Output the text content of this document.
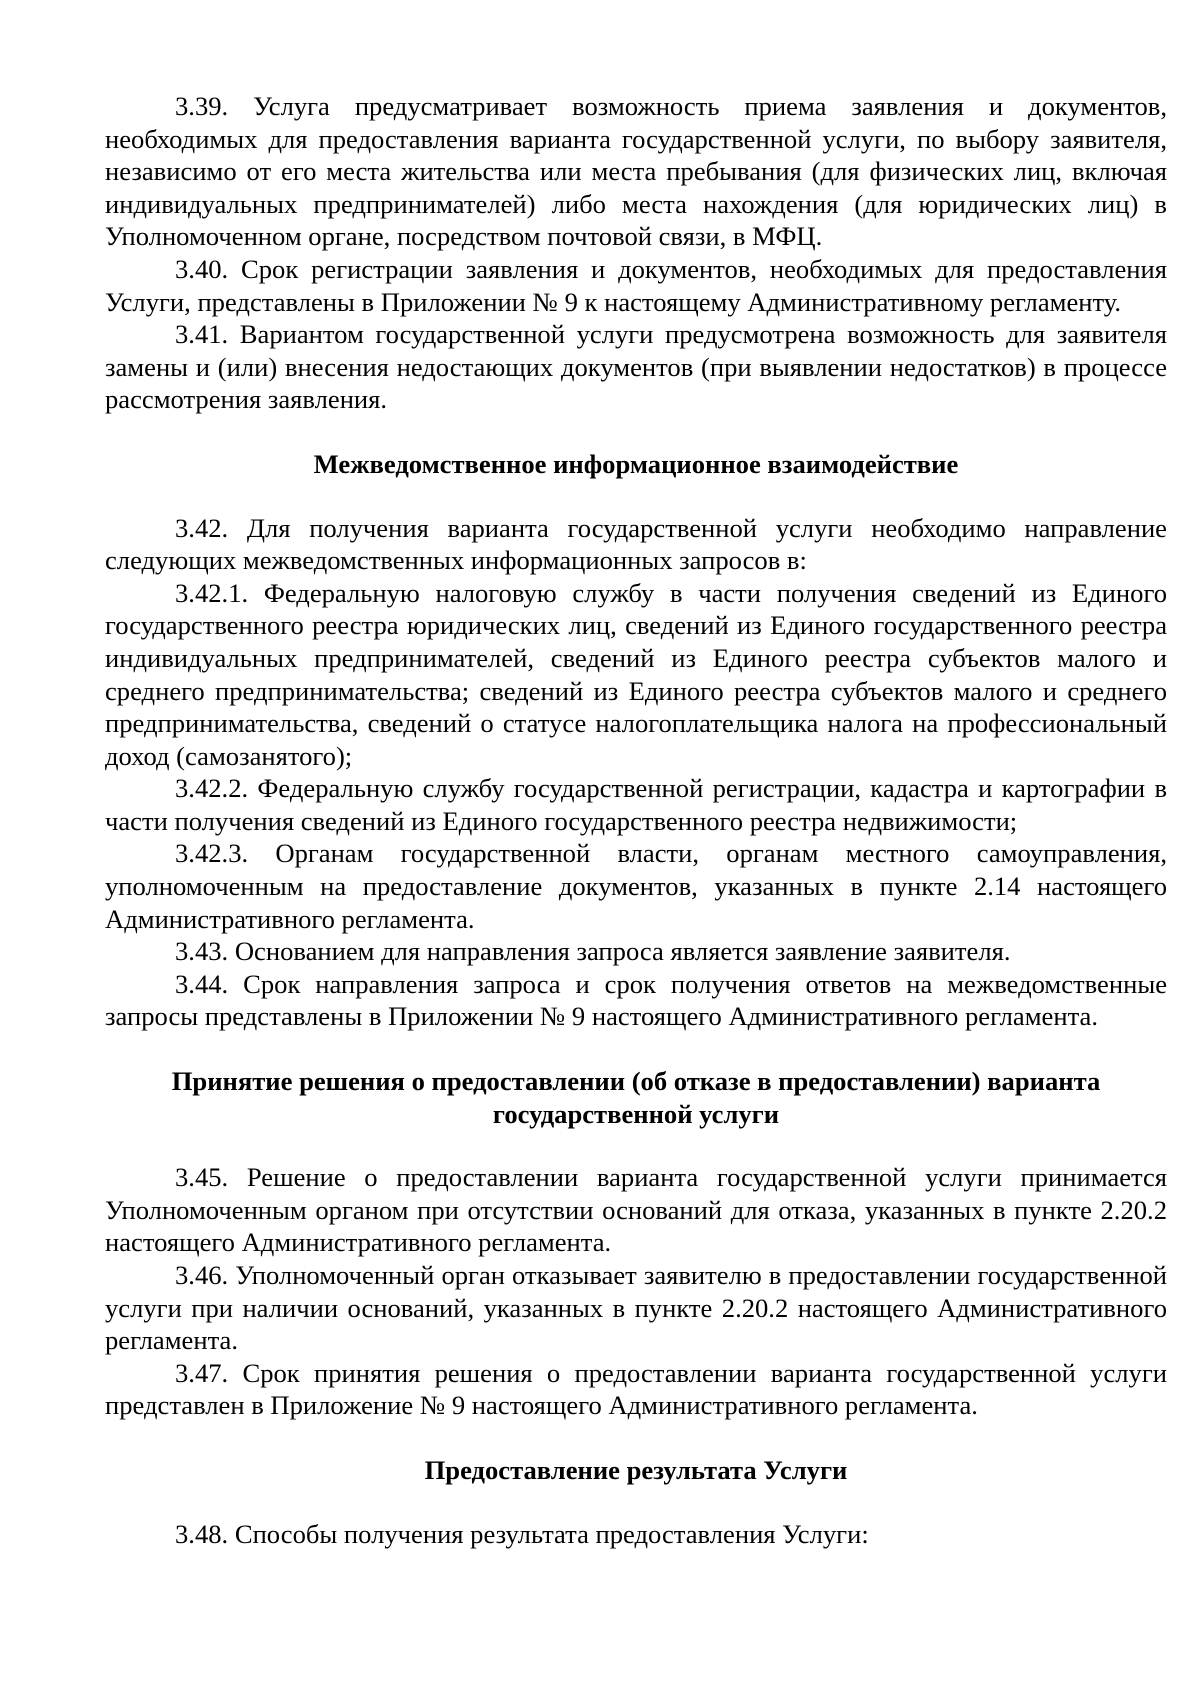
3.39. Услуга предусматривает возможность приема заявления и документов, необходимых для предоставления варианта государственной услуги, по выбору заявителя, независимо от его места жительства или места пребывания (для физических лиц, включая индивидуальных предпринимателей) либо места нахождения (для юридических лиц) в Уполномоченном органе, посредством почтовой связи, в МФЦ.

3.40. Срок регистрации заявления и документов, необходимых для предоставления Услуги, представлены в Приложении № 9 к настоящему Административному регламенту.

3.41. Вариантом государственной услуги предусмотрена возможность для заявителя замены и (или) внесения недостающих документов (при выявлении недостатков) в процессе рассмотрения заявления.

Межведомственное информационное взаимодействие

3.42. Для получения варианта государственной услуги необходимо направление следующих межведомственных информационных запросов в:

3.42.1. Федеральную налоговую службу в части получения сведений из Единого государственного реестра юридических лиц, сведений из Единого государственного реестра индивидуальных предпринимателей, сведений из Единого реестра субъектов малого и среднего предпринимательства; сведений из Единого реестра субъектов малого и среднего предпринимательства, сведений о статусе налогоплательщика налога на профессиональный доход (самозанятого);

3.42.2. Федеральную службу государственной регистрации, кадастра и картографии в части получения сведений из Единого государственного реестра недвижимости;

3.42.3. Органам государственной власти, органам местного самоуправления, уполномоченным на предоставление документов, указанных в пункте 2.14 настоящего Административного регламента.

3.43. Основанием для направления запроса является заявление заявителя.

3.44. Срок направления запроса и срок получения ответов на межведомственные запросы представлены в Приложении № 9 настоящего Административного регламента.

Принятие решения о предоставлении (об отказе в предоставлении) варианта государственной услуги

3.45. Решение о предоставлении варианта государственной услуги принимается Уполномоченным органом при отсутствии оснований для отказа, указанных в пункте 2.20.2 настоящего Административного регламента.

3.46. Уполномоченный орган отказывает заявителю в предоставлении государственной услуги при наличии оснований, указанных в пункте 2.20.2 настоящего Административного регламента.

3.47. Срок принятия решения о предоставлении варианта государственной услуги представлен в Приложение № 9 настоящего Административного регламента.

Предоставление результата Услуги

3.48. Способы получения результата предоставления Услуги:
